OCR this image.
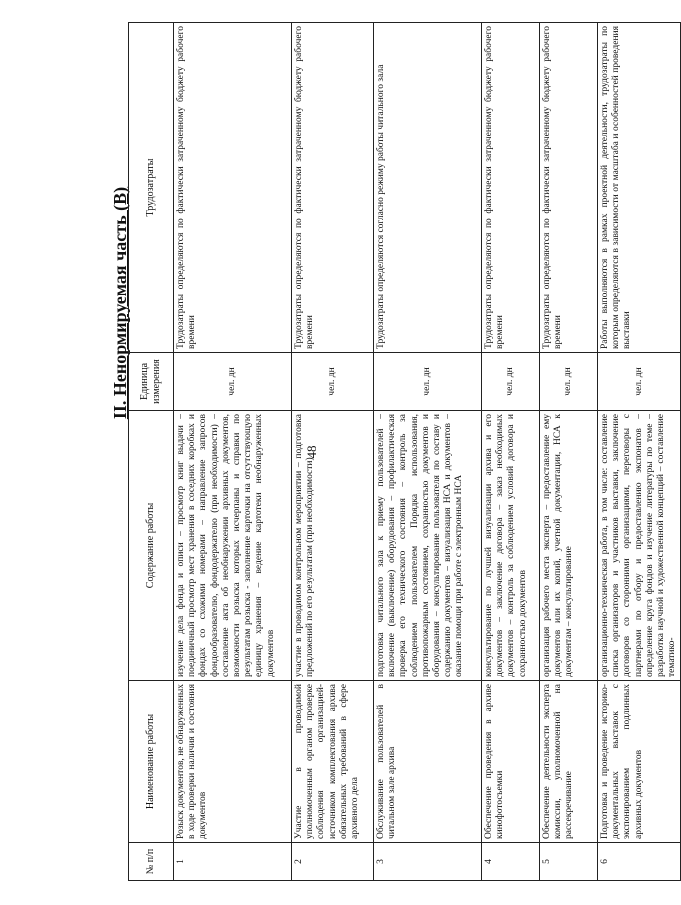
48
II. Ненормируемая часть (В)
№ п/п	Наименование работы	Содержание работы	Единица измерения	Трудозатраты
1	Розыск документов, не обнаруженных в ходе проверки наличия и состояния документов	изучение дела фонда и описи – просмотр книг выдачи – поединичный просмотр мест хранения в соседних коробках и фондах со схожими номерами – направление запросов фондообразователю, фондодержателю (при необходимости) – составление акта об необнаружении архивных документов, возможности розыска которых исчерпаны и справки по результатам розыска - заполнение карточки на отсутствующую единицу хранения – ведение картотеки необнаруженных документов	чел. дн	Трудозатраты определяются по фактически затраченному бюджету рабочего времени
2	Участие в проводимой уполномоченным органом проверке соблюдения организацией-источником комплектования архива обязательных требований в сфере архивного дела	участие в проводимом контрольном мероприятии – подготовка предложений по его результатам (при необходимости)	чел. дн	Трудозатраты определяются по фактически затраченному бюджету рабочего времени
3	Обслуживание пользователей в читальном зале архива	подготовка читального зала к приему пользователей – включение (выключение) оборудования – профилактическая проверка его технического состояния – контроль за соблюдением пользователем Порядка использования, противопожарным состоянием, сохранностью документов и оборудования – консультирование пользователя по составу и содержанию документов – визуализация НСА и документов – оказание помощи при работе с электронным НСА	чел. дн	Трудозатраты определяются согласно режиму работы читального зала
4	Обеспечение проведения в архиве кинофотосъемки	консультирование по лучшей визуализации архива и его документов – заключение договора – заказ необходимых документов – контроль за соблюдением условий договора и сохранностью документов	чел. дн	Трудозатраты определяются по фактически затраченному бюджету рабочего времени
5	Обеспечение деятельности эксперта комиссии, уполномоченной на рассекречивание	организация рабочего места эксперта – предоставление ему документов или их копий, учетной документации, НСА к документам – консультирование	чел. дн	Трудозатраты определяются по фактически затраченному бюджету рабочего времени
6	Подготовка и проведение историко-документальных выставок с экспонированием подлинных архивных документов	организационно-техническая работа, в том числе: составление списка организаторов и участников выставки, заключение договоров со сторонними организациями, переговоры с партнерами по отбору и предоставлению экспонатов – определение круга фондов и изучение литературы по теме – разработка научной и художественной концепций – составление тематико-	чел. дн	Работы выполняются в рамках проектной деятельности, трудозатраты по которым определяются в зависимости от масштаба и особенностей проведения выставки
